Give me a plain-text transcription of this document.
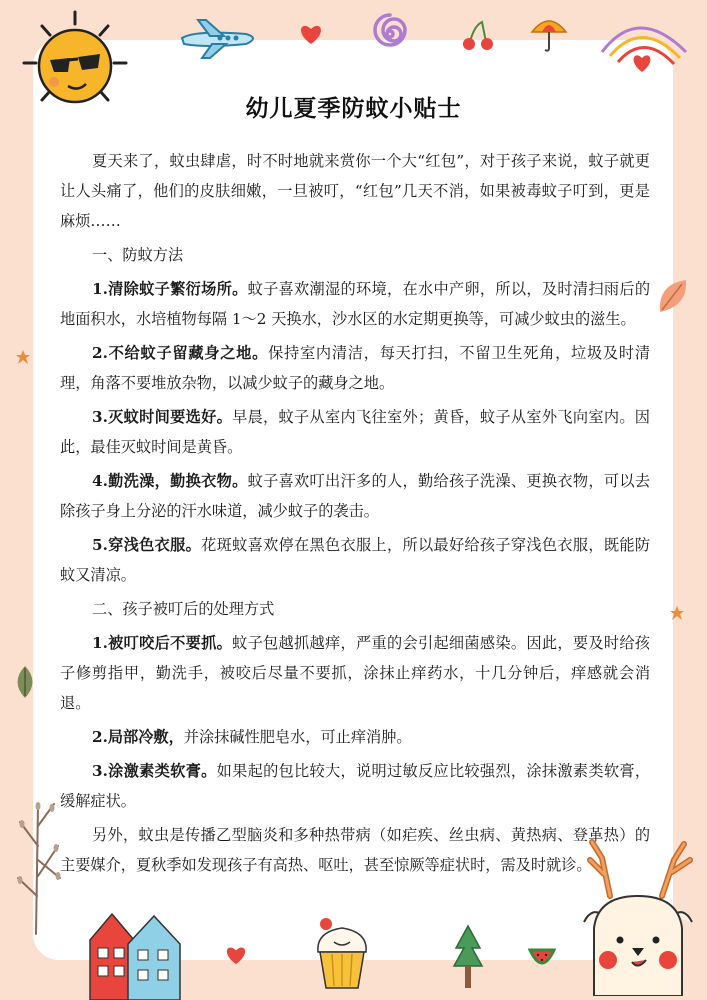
幼儿夏季防蚊小贴士

夏天来了，蚊虫肆虐，时不时地就来赏你一个大“红包”，对于孩子来说，蚊子就更让人头痛了，他们的皮肤细嫩，一旦被叮，“红包”几天不消，如果被毒蚊子叮到，更是麻烦……

一、防蚊方法

1.清除蚊子繁衍场所。蚊子喜欢潮湿的环境，在水中产卵，所以，及时清扫雨后的地面积水，水培植物每隔 1～2 天换水，沙水区的水定期更换等，可减少蚊虫的滋生。

2.不给蚊子留藏身之地。保持室内清洁，每天打扫，不留卫生死角，垃圾及时清理，角落不要堆放杂物，以减少蚊子的藏身之地。

3.灭蚊时间要选好。早晨，蚊子从室内飞往室外；黄昏，蚊子从室外飞向室内。因此，最佳灭蚊时间是黄昏。

4.勤洗澡，勤换衣物。蚊子喜欢叮出汗多的人，勤给孩子洗澡、更换衣物，可以去除孩子身上分泌的汗水味道，减少蚊子的袭击。

5.穿浅色衣服。花斑蚊喜欢停在黑色衣服上，所以最好给孩子穿浅色衣服，既能防蚊又清凉。

二、孩子被叮后的处理方式

1.被叮咬后不要抓。蚊子包越抓越痒，严重的会引起细菌感染。因此，要及时给孩子修剪指甲，勤洗手，被咬后尽量不要抓，涂抹止痒药水，十几分钟后，痒感就会消退。

2.局部冷敷，并涂抹碱性肥皂水，可止痒消肿。

3.涂激素类软膏。如果起的包比较大，说明过敏反应比较强烈，涂抹激素类软膏，缓解症状。

另外，蚊虫是传播乙型脑炎和多种热带病（如疟疾、丝虫病、黄热病、登革热）的主要媒介，夏秋季如发现孩子有高热、呕吐，甚至惊厥等症状时，需及时就诊。
